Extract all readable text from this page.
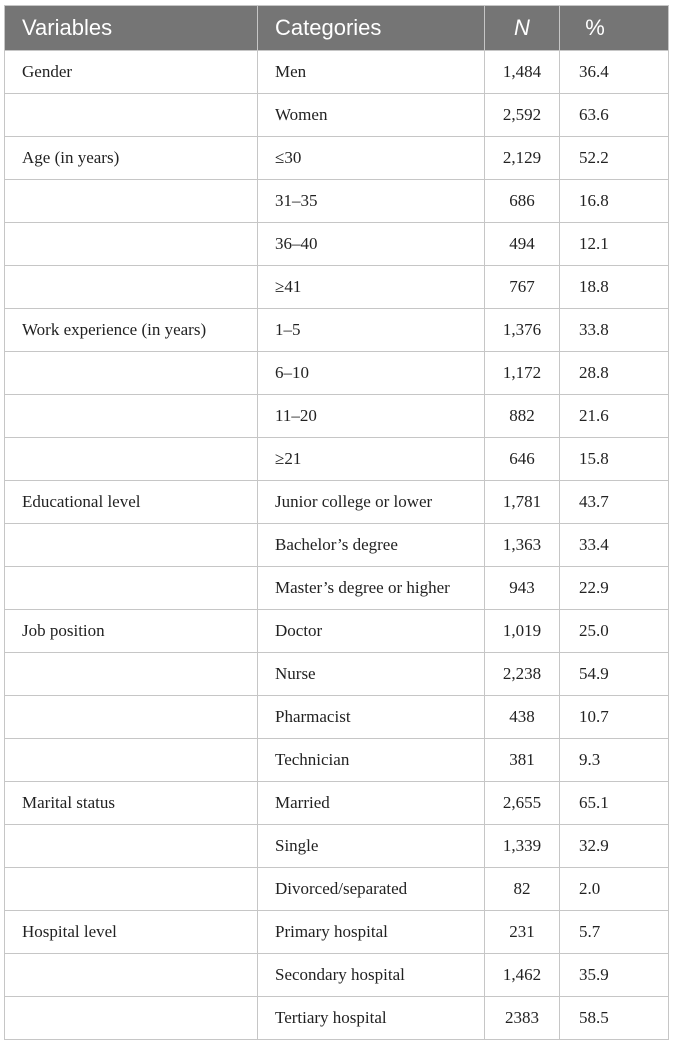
Variables	Categories	N	%
Gender	Men	1,484	36.4
	Women	2,592	63.6
Age (in years)	≤30	2,129	52.2
	31–35	686	16.8
	36–40	494	12.1
	≥41	767	18.8
Work experience (in years)	1–5	1,376	33.8
	6–10	1,172	28.8
	11–20	882	21.6
	≥21	646	15.8
Educational level	Junior college or lower	1,781	43.7
	Bachelor’s degree	1,363	33.4
	Master’s degree or higher	943	22.9
Job position	Doctor	1,019	25.0
	Nurse	2,238	54.9
	Pharmacist	438	10.7
	Technician	381	9.3
Marital status	Married	2,655	65.1
	Single	1,339	32.9
	Divorced/separated	82	2.0
Hospital level	Primary hospital	231	5.7
	Secondary hospital	1,462	35.9
	Tertiary hospital	2383	58.5
